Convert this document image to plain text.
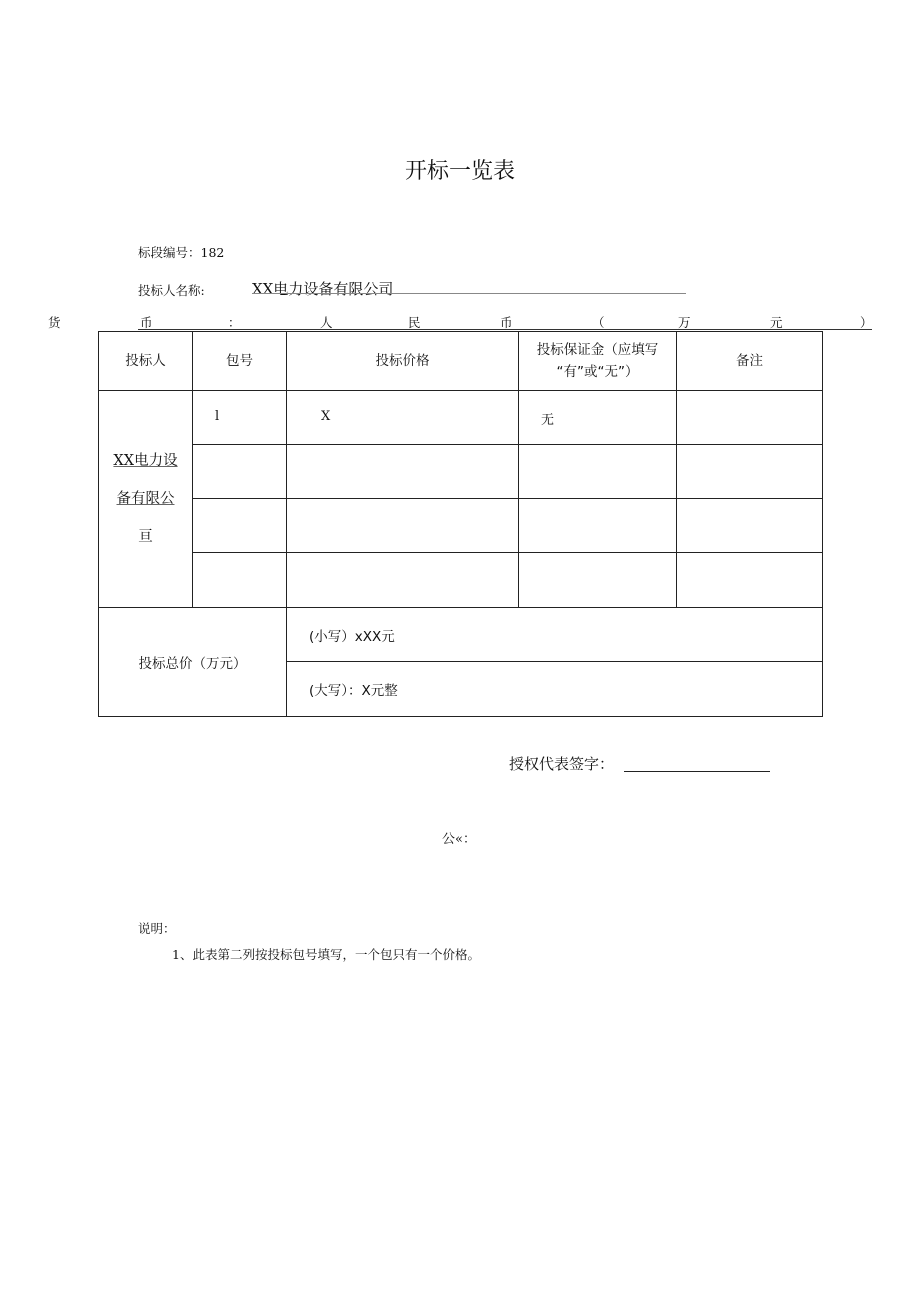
开标一览表
标段编号：182
投标人名称:	XX电力设备有限公司
货	币	：	人	民	币	（	万	元	）
投标人	包号	投标价格	投标保证金（应填写
“有”或“无”）	备注
XX电力设
备有限公
亘	l	X	无	

投标总价（万元）		(小写）xXX元		
		(大写）：X元整		
授权代表签字：
公«：
说明：
1、此表第二列按投标包号填写，一个包只有一个价格。
